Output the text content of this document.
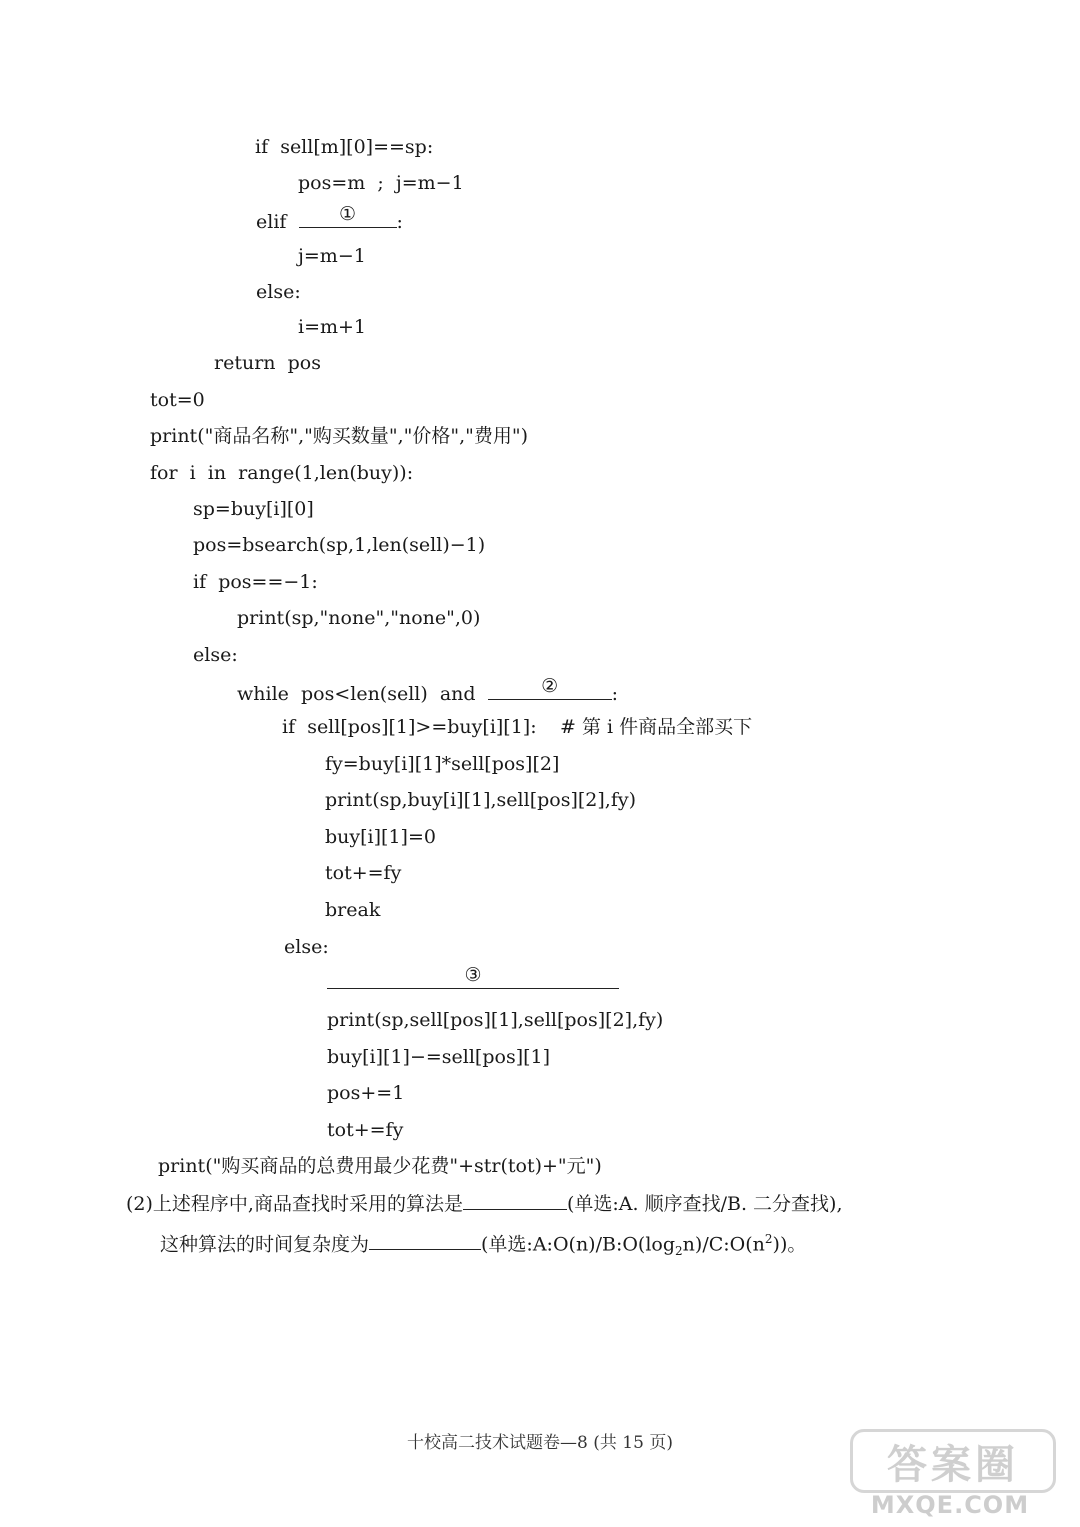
if  sell[m][0]==sp:
pos=m  ;  j=m−1
elif	①	:
j=m−1
else:
i=m+1
return  pos
tot=0
print("商品名称","购买数量","价格","费用")
for  i  in  range(1,len(buy)):
sp=buy[i][0]
pos=bsearch(sp,1,len(sell)−1)
if  pos==−1:
print(sp,"none","none",0)
else:
while  pos<len(sell)  and	②	:
if  sell[pos][1]>=buy[i][1]: # 第 i 件商品全部买下
fy=buy[i][1]*sell[pos][2]
print(sp,buy[i][1],sell[pos][2],fy)
buy[i][1]=0
tot+=fy
break
else:
③
print(sp,sell[pos][1],sell[pos][2],fy)
buy[i][1]−=sell[pos][1]
pos+=1
tot+=fy
print("购买商品的总费用最少花费"+str(tot)+"元")
(2)上述程序中,商品查找时采用的算法是	(单选:A. 顺序查找/B. 二分查找),
这种算法的时间复杂度为	(单选$:A:O(n)/B:O(\log_2n)/C:O(n^2)$)。
十校高二技术试题卷—8 (共 15 页)	答案圈
MXQE.COM
